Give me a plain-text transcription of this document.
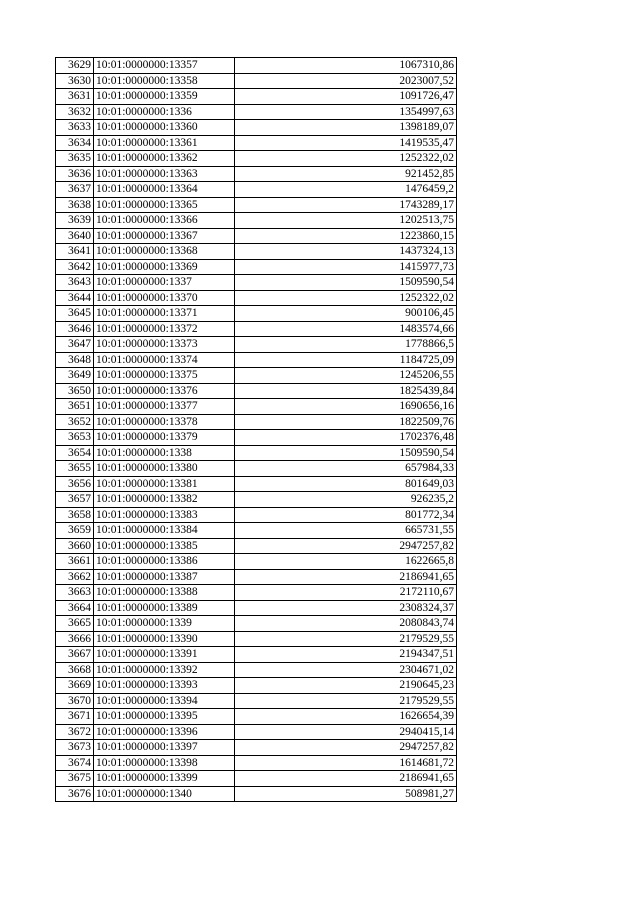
3629	10:01:0000000:13357	1067310,86
3630	10:01:0000000:13358	2023007,52
3631	10:01:0000000:13359	1091726,47
3632	10:01:0000000:1336	1354997,63
3633	10:01:0000000:13360	1398189,07
3634	10:01:0000000:13361	1419535,47
3635	10:01:0000000:13362	1252322,02
3636	10:01:0000000:13363	921452,85
3637	10:01:0000000:13364	1476459,2
3638	10:01:0000000:13365	1743289,17
3639	10:01:0000000:13366	1202513,75
3640	10:01:0000000:13367	1223860,15
3641	10:01:0000000:13368	1437324,13
3642	10:01:0000000:13369	1415977,73
3643	10:01:0000000:1337	1509590,54
3644	10:01:0000000:13370	1252322,02
3645	10:01:0000000:13371	900106,45
3646	10:01:0000000:13372	1483574,66
3647	10:01:0000000:13373	1778866,5
3648	10:01:0000000:13374	1184725,09
3649	10:01:0000000:13375	1245206,55
3650	10:01:0000000:13376	1825439,84
3651	10:01:0000000:13377	1690656,16
3652	10:01:0000000:13378	1822509,76
3653	10:01:0000000:13379	1702376,48
3654	10:01:0000000:1338	1509590,54
3655	10:01:0000000:13380	657984,33
3656	10:01:0000000:13381	801649,03
3657	10:01:0000000:13382	926235,2
3658	10:01:0000000:13383	801772,34
3659	10:01:0000000:13384	665731,55
3660	10:01:0000000:13385	2947257,82
3661	10:01:0000000:13386	1622665,8
3662	10:01:0000000:13387	2186941,65
3663	10:01:0000000:13388	2172110,67
3664	10:01:0000000:13389	2308324,37
3665	10:01:0000000:1339	2080843,74
3666	10:01:0000000:13390	2179529,55
3667	10:01:0000000:13391	2194347,51
3668	10:01:0000000:13392	2304671,02
3669	10:01:0000000:13393	2190645,23
3670	10:01:0000000:13394	2179529,55
3671	10:01:0000000:13395	1626654,39
3672	10:01:0000000:13396	2940415,14
3673	10:01:0000000:13397	2947257,82
3674	10:01:0000000:13398	1614681,72
3675	10:01:0000000:13399	2186941,65
3676	10:01:0000000:1340	508981,27
